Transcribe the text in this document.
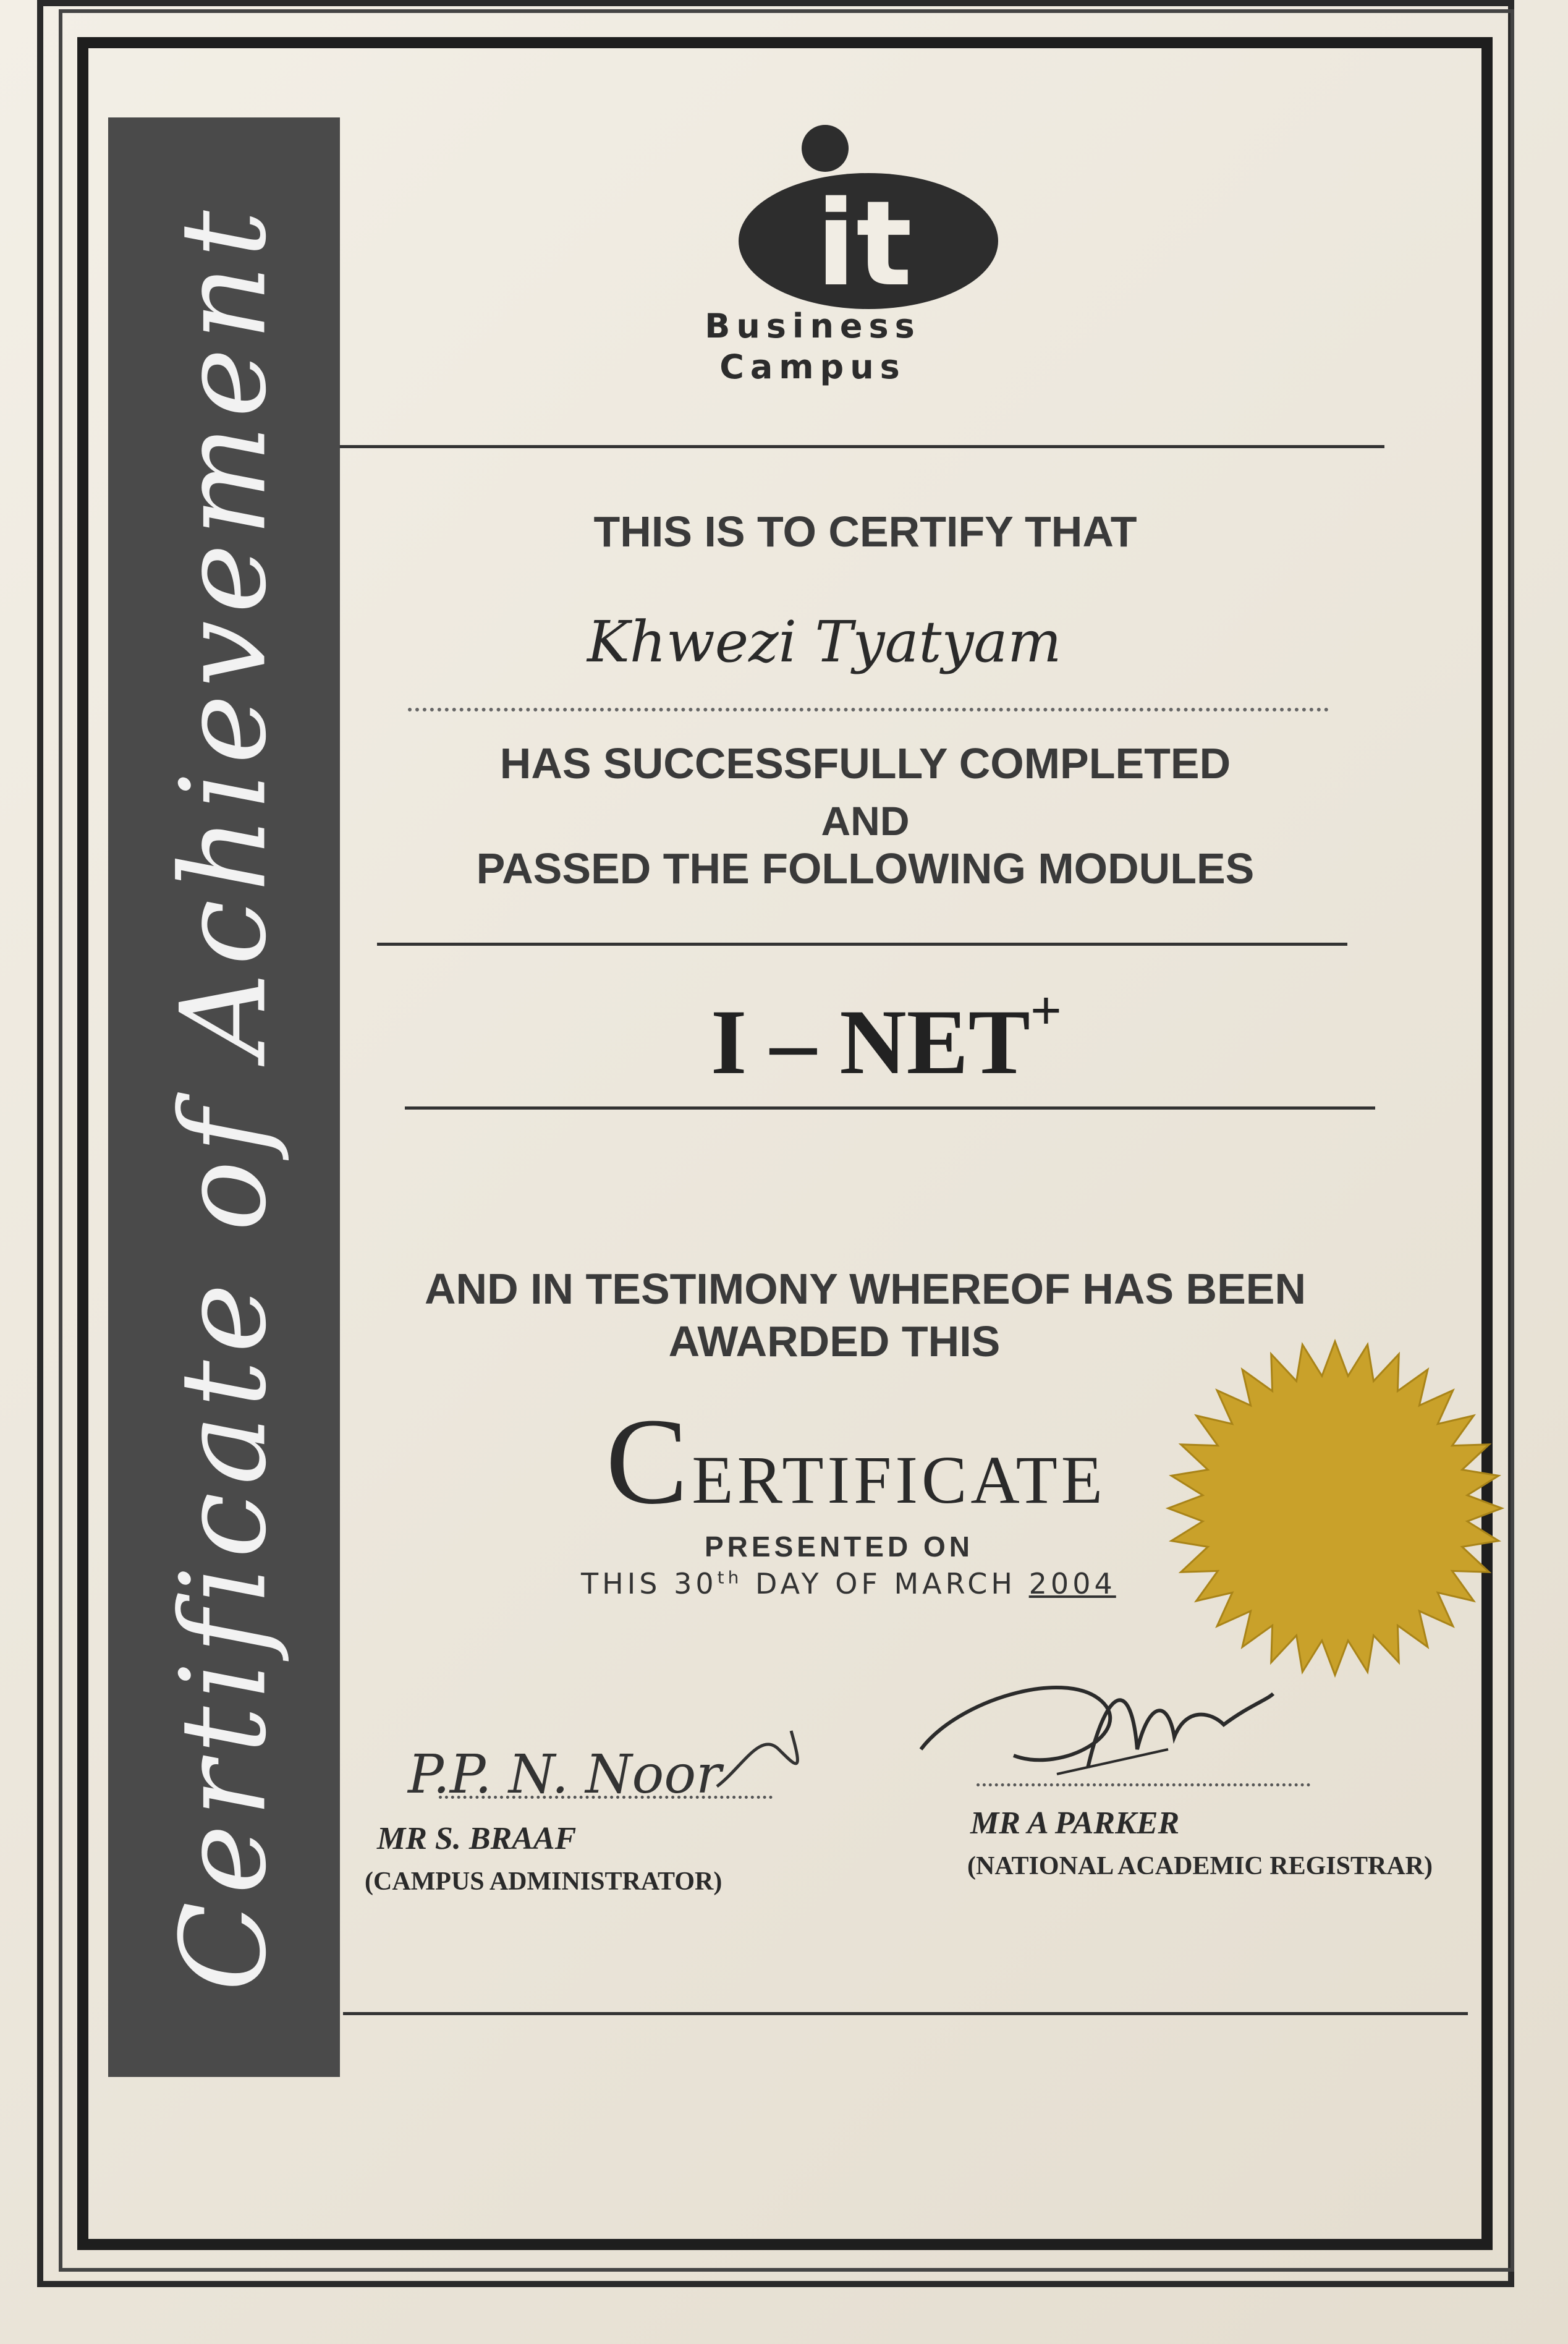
Certificate of Achievement	it
Business
Campus
THIS IS TO CERTIFY THAT
Khwezi Tyatyam
HAS SUCCESSFULLY COMPLETED
AND
PASSED THE FOLLOWING MODULES
I – NET+
AND IN TESTIMONY WHEREOF HAS BEEN
AWARDED THIS
CERTIFICATE
PRESENTED ON
THIS 30th DAY OF MARCH 2004
P.P. N. Noor
MR S. BRAAF
(CAMPUS ADMINISTRATOR)
MR A PARKER
(NATIONAL ACADEMIC REGISTRAR)
